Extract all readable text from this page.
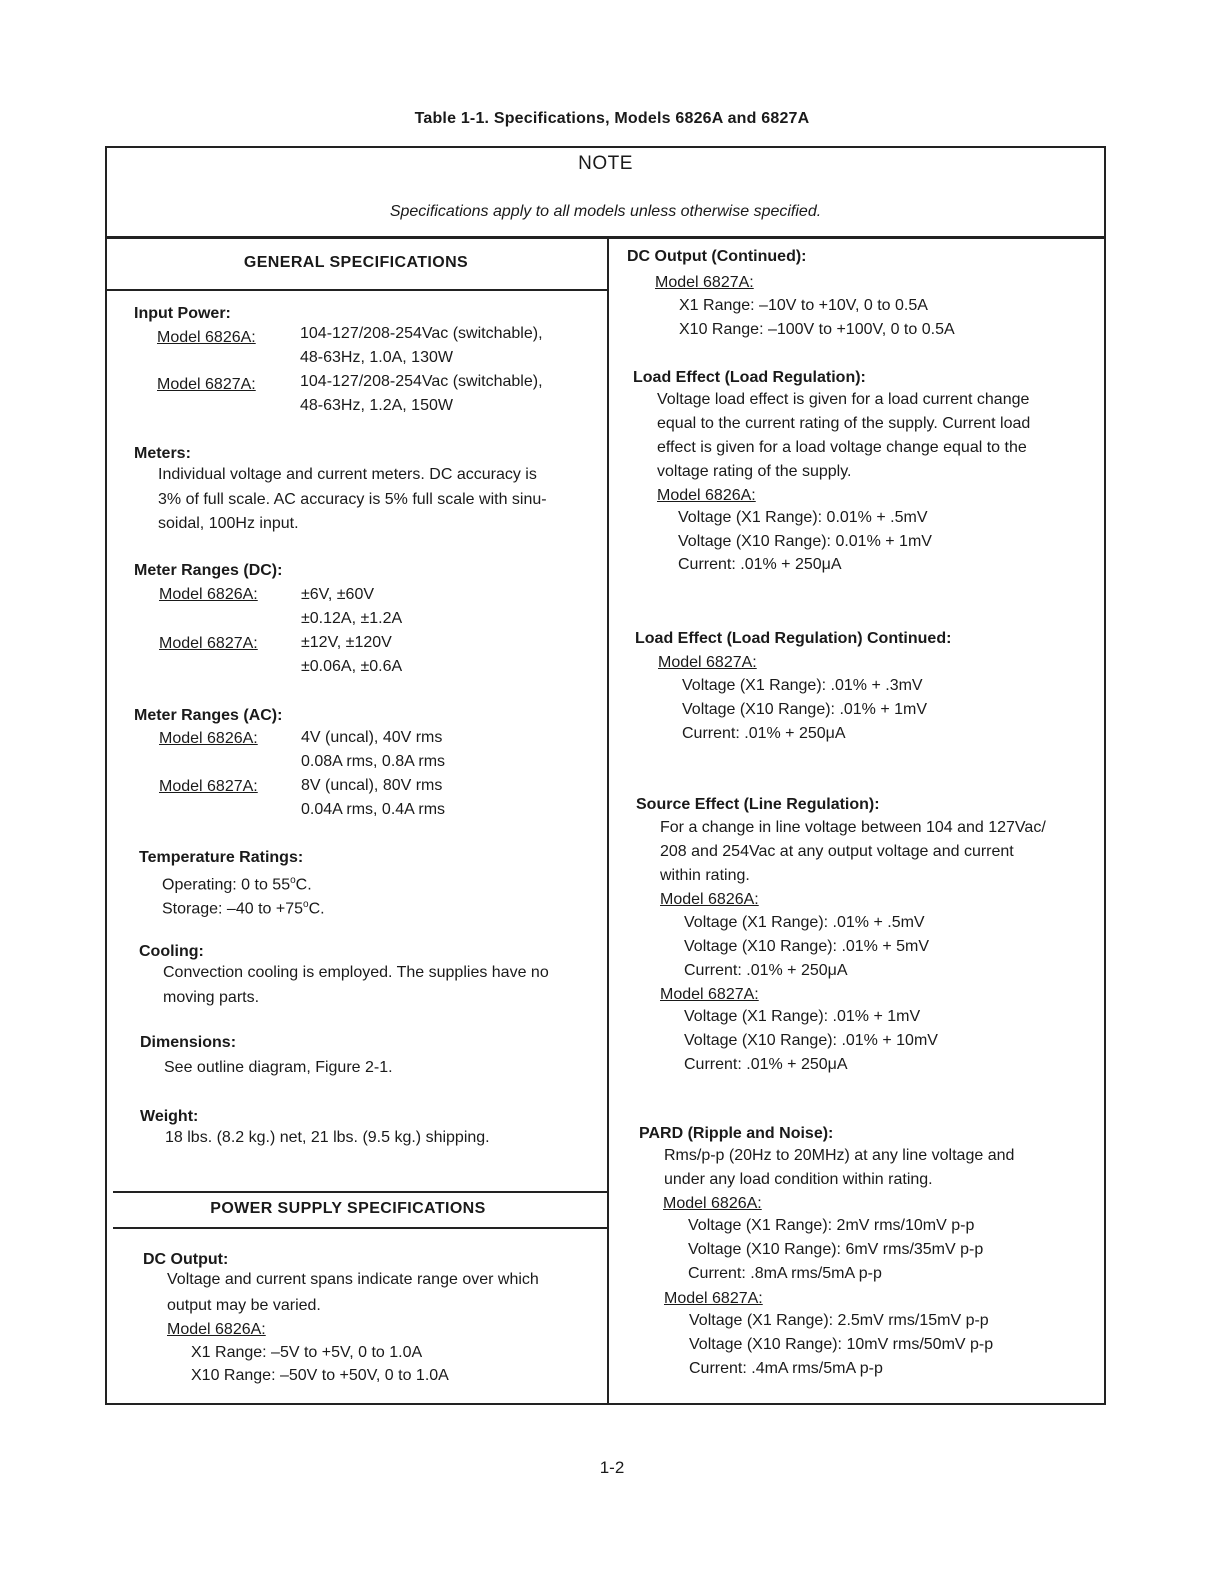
Table 1-1. Specifications, Models 6826A and 6827A
NOTE
Specifications apply to all models unless otherwise specified.
GENERAL SPECIFICATIONS
Input Power:
Model 6826A:	104-127/208-254Vac (switchable),
48-63Hz, 1.0A, 130W
Model 6827A:	104-127/208-254Vac (switchable),
48-63Hz, 1.2A, 150W
Meters:
Individual voltage and current meters. DC accuracy is
3% of full scale. AC accuracy is 5% full scale with sinu-
soidal, 100Hz input.
Meter Ranges (DC):
Model 6826A:	±6V, ±60V
±0.12A, ±1.2A
Model 6827A:	±12V, ±120V
±0.06A, ±0.6A
Meter Ranges (AC):
Model 6826A:	4V (uncal), 40V rms
0.08A rms, 0.8A rms
Model 6827A:	8V (uncal), 80V rms
0.04A rms, 0.4A rms
Temperature Ratings:
Operating: 0 to 55$^o$C.
Storage: –40 to $+75^oC$.
Cooling:
Convection cooling is employed. The supplies have no
moving parts.
Dimensions:
See outline diagram, Figure 2-1.
Weight:
18 lbs. (8.2 kg.) net, 21 lbs. (9.5 kg.) shipping.
POWER SUPPLY SPECIFICATIONS
DC Output:
Voltage and current spans indicate range over which
output may be varied.
Model 6826A:
X1 Range: –5V to +5V, 0 to 1.0A
X10 Range: –50V to +50V, 0 to 1.0A
DC Output (Continued):
Model 6827A:
X1 Range: –10V to +10V, 0 to 0.5A
X10 Range: –100V to +100V, 0 to 0.5A
Load Effect (Load Regulation):
Voltage load effect is given for a load current change
equal to the current rating of the supply. Current load
effect is given for a load voltage change equal to the
voltage rating of the supply.
Model 6826A:
Voltage (X1 Range): 0.01% + .5mV
Voltage (X10 Range): 0.01% + 1mV
Current: .01% + 250μA
Load Effect (Load Regulation) Continued:
Model 6827A:
Voltage (X1 Range): .01% + .3mV
Voltage (X10 Range): .01% + 1mV
Current: .01% + 250μA
Source Effect (Line Regulation):
For a change in line voltage between 104 and 127Vac/
208 and 254Vac at any output voltage and current
within rating.
Model 6826A:
Voltage (X1 Range): .01% + .5mV
Voltage (X10 Range): .01% + 5mV
Current: .01% + 250μA
Model 6827A:
Voltage (X1 Range): .01% + 1mV
Voltage (X10 Range): .01% + 10mV
Current: .01% + 250μA
PARD (Ripple and Noise):
Rms/p-p (20Hz to 20MHz) at any line voltage and
under any load condition within rating.
Model 6826A:
Voltage (X1 Range): 2mV rms/10mV p-p
Voltage (X10 Range): 6mV rms/35mV p-p
Current: .8mA rms/5mA p-p
Model 6827A:
Voltage (X1 Range): 2.5mV rms/15mV p-p
Voltage (X10 Range): 10mV rms/50mV p-p
Current: .4mA rms/5mA p-p
1-2
